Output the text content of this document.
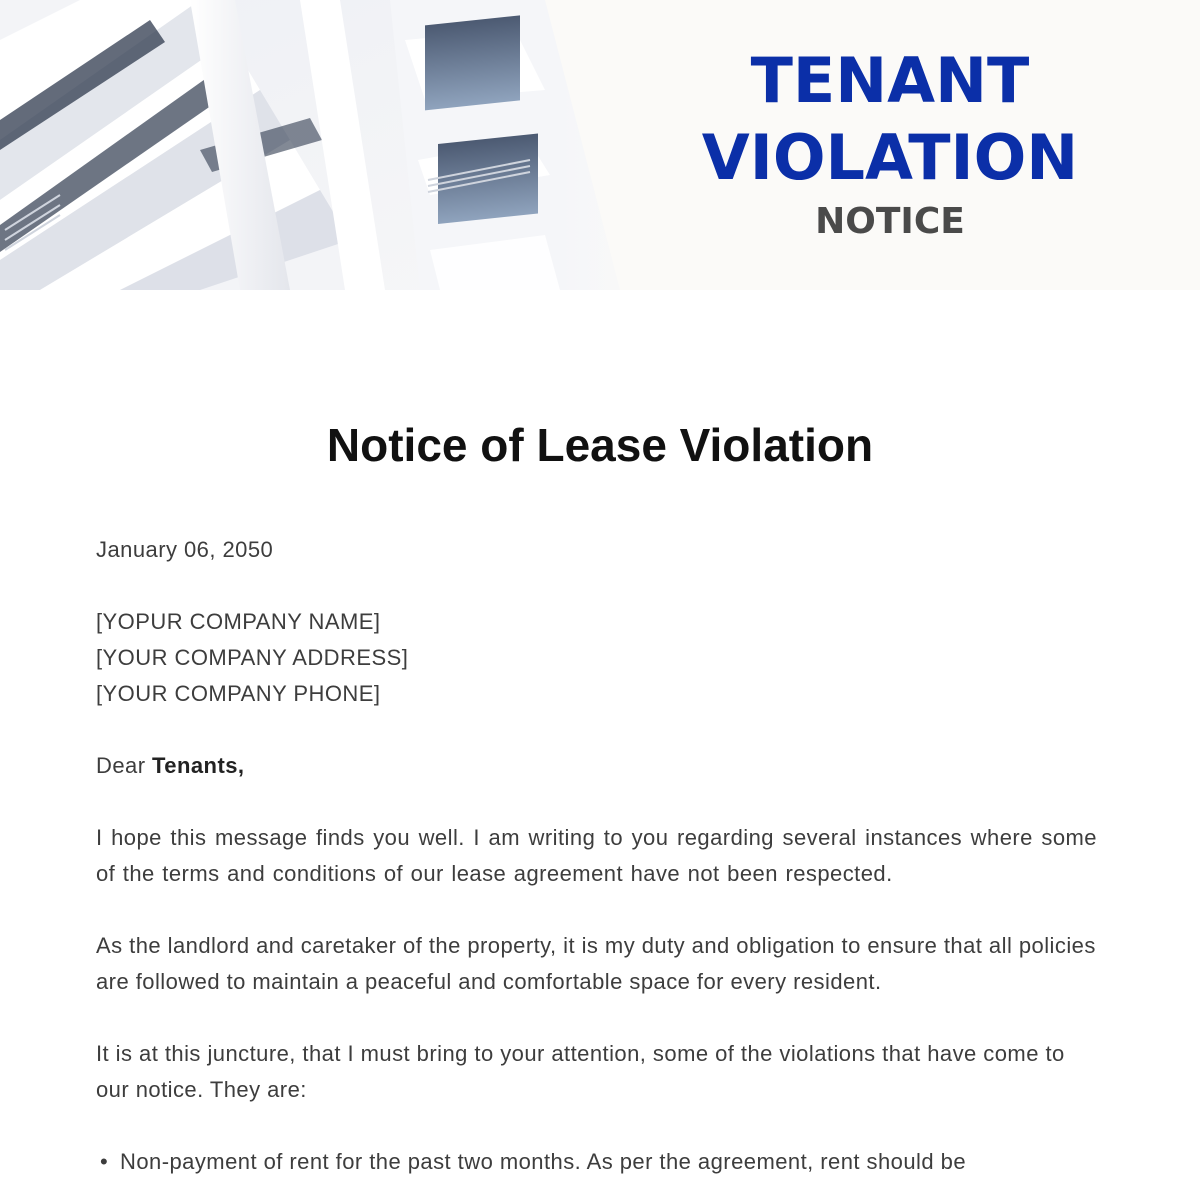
TENANT
VIOLATION
NOTICE
Notice of Lease Violation

January 06, 2050

[YOPUR COMPANY NAME]
[YOUR COMPANY ADDRESS]
[YOUR COMPANY PHONE]

Dear Tenants,

I hope this message finds you well. I am writing to you regarding several instances where some of the terms and conditions of our lease agreement have not been respected.

As the landlord and caretaker of the property, it is my duty and obligation to ensure that all policies are followed to maintain a peaceful and comfortable space for every resident.

It is at this juncture, that I must bring to your attention, some of the violations that have come to our notice. They are:

• Non-payment of rent for the past two months. As per the agreement, rent should be
